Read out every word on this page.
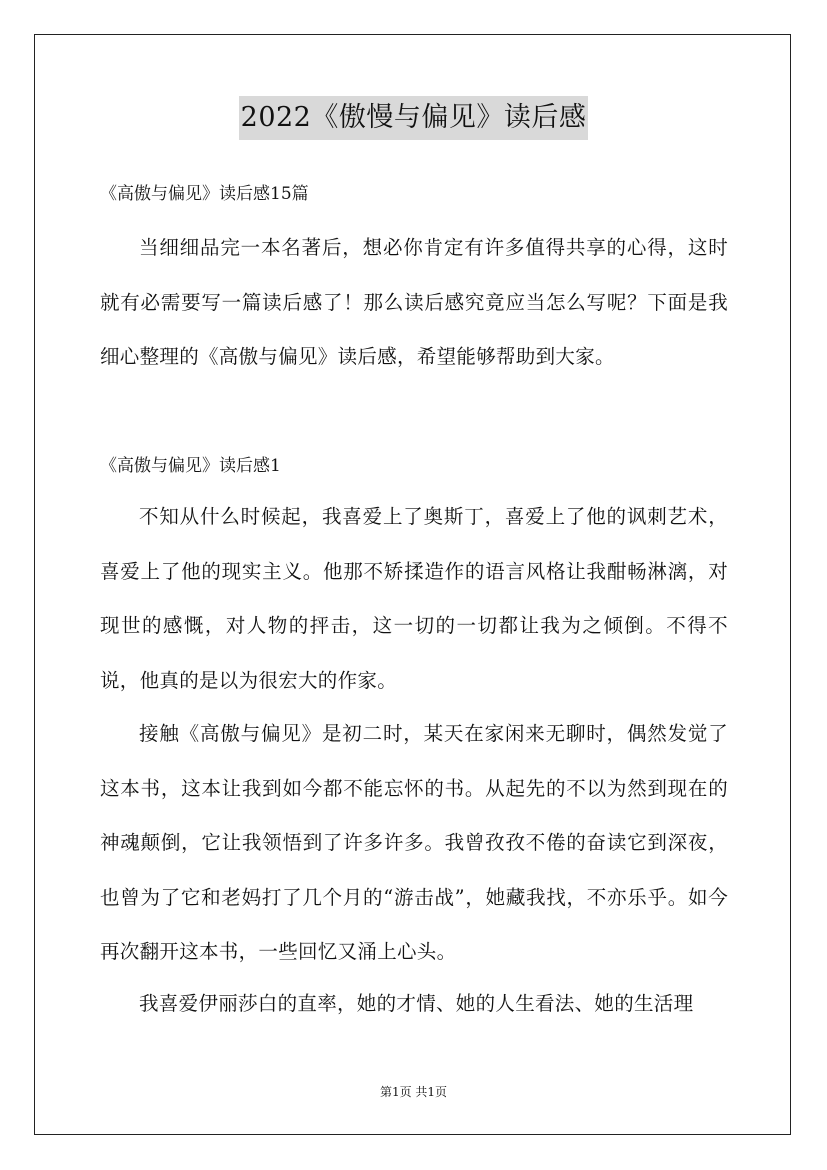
2022《傲慢与偏见》读后感
《高傲与偏见》读后感15篇

当细细品完一本名著后，想必你肯定有许多值得共享的心得，这时就有必需要写一篇读后感了！那么读后感究竟应当怎么写呢？下面是我细心整理的《高傲与偏见》读后感，希望能够帮助到大家。

《高傲与偏见》读后感1

不知从什么时候起，我喜爱上了奥斯丁，喜爱上了他的讽刺艺术，喜爱上了他的现实主义。他那不矫揉造作的语言风格让我酣畅淋漓，对现世的感慨，对人物的抨击，这一切的一切都让我为之倾倒。不得不说，他真的是以为很宏大的作家。

接触《高傲与偏见》是初二时，某天在家闲来无聊时，偶然发觉了这本书，这本让我到如今都不能忘怀的书。从起先的不以为然到现在的神魂颠倒，它让我领悟到了许多许多。我曾孜孜不倦的奋读它到深夜，也曾为了它和老妈打了几个月的“游击战”，她藏我找，不亦乐乎。如今再次翻开这本书，一些回忆又涌上心头。

我喜爱伊丽莎白的直率，她的才情、她的人生看法、她的生活理

第1页 共1页
